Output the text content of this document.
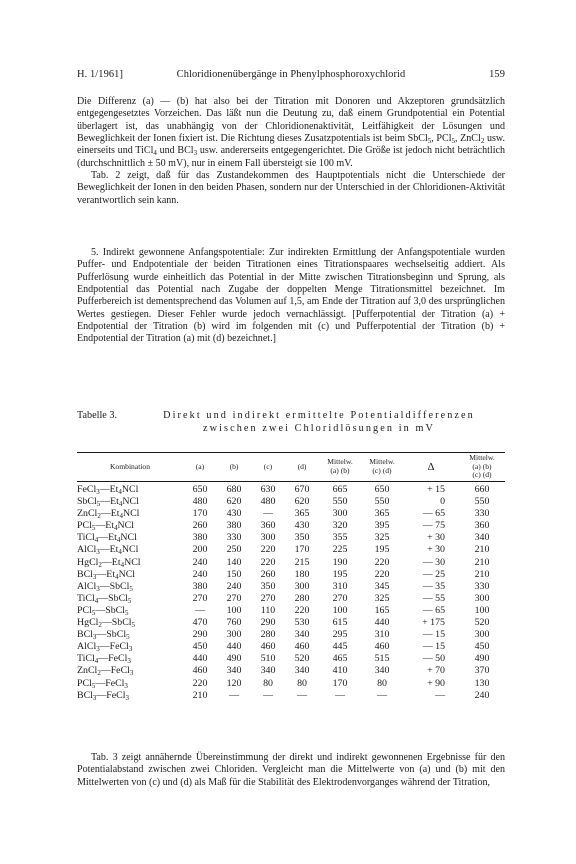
H. 1/1961]	Chloridionenübergänge in Phenylphosphoroxychlorid	159

Die Differenz (a) — (b) hat also bei der Titration mit Donoren und Akzeptoren grundsätzlich entgegengesetztes Vorzeichen. Das läßt nun die Deutung zu, daß einem Grundpotential ein Potential überlagert ist, das unabhängig von der Chloridionenaktivität, Leitfähigkeit der Lösungen und Beweglichkeit der Ionen fixiert ist. Die Richtung dieses Zusatzpotentials ist beim SbCl$_5$, PCl$_5$, ZnCl$_2$ usw. einerseits und TiCl$_4$ und BCl$_3$ usw. andererseits entgegengerichtet. Die Größe ist jedoch nicht beträchtlich (durchschnittlich ± 50 mV), nur in einem Fall übersteigt sie 100 mV.

Tab. 2 zeigt, daß für das Zustandekommen des Hauptpotentials nicht die Unterschiede der Beweglichkeit der Ionen in den beiden Phasen, sondern nur der Unterschied in der Chloridionen-Aktivität verantwortlich sein kann.

5. Indirekt gewonnene Anfangspotentiale: Zur indirekten Ermittlung der Anfangspotentiale wurden Puffer- und Endpotentiale der beiden Titrationen eines Titrationspaares wechselseitig addiert. Als Pufferlösung wurde einheitlich das Potential in der Mitte zwischen Titrationsbeginn und Sprung, als Endpotential das Potential nach Zugabe der doppelten Menge Titrationsmittel bezeichnet. Im Pufferbereich ist dementsprechend das Volumen auf 1,5, am Ende der Titration auf 3,0 des ursprünglichen Wertes gestiegen. Dieser Fehler wurde jedoch vernachlässigt. [Pufferpotential der Titration (a) + Endpotential der Titration (b) wird im folgenden mit (c) und Pufferpotential der Titration (b) + Endpotential der Titration (a) mit (d) bezeichnet.]

Tabelle 3.	Direkt und indirekt ermittelte Potentialdifferenzen
zwischen zwei Chloridlösungen in mV
Kombination	(a)	(b)	(c)	(d)	Mittelw.
(a) (b)	Mittelw.
(c) (d)	Δ	Mittelw.
(a) (b)
(c) (d)
$FeCl_3—Et_4NCl$	650	680	630	670	665	650	+ 15	660
$SbCl_5—Et_4NCl$	480	620	480	620	550	550	0	550
$ZnCl_2—Et_4NCl$	170	430	—	365	300	365	— 65	330
$PCl_5—Et_4NCl$	260	380	360	430	320	395	— 75	360
$TiCl_4—Et_4NCl$	380	330	300	350	355	325	+ 30	340
$AlCl_3—Et_4NCl$	200	250	220	170	225	195	+ 30	210
$HgCl_2—Et_4NCl$	240	140	220	215	190	220	— 30	210
$BCl_3—Et_4NCl$	240	150	260	180	195	220	— 25	210
AlCl$_3$—SbCl$_5$	380	240	350	300	310	345	— 35	330
TiCl$_4$—SbCl$_5$	270	270	270	280	270	325	— 55	300
PCl$_5$—SbCl$_5$	—	100	110	220	100	165	— 65	100
HgCl$_2$—SbCl$_5$	470	760	290	530	615	440	+ 175	520
BCl$_3$—SbCl$_5$	290	300	280	340	295	310	— 15	300
AlCl$_3$—FeCl$_3$	450	440	460	460	445	460	— 15	450
TiCl$_4$—FeCl$_3$	440	490	510	520	465	515	— 50	490
ZnCl$_2$—FeCl$_3$	460	340	340	340	410	340	+ 70	370
PCl$_5$—FeCl$_3$	220	120	80	80	170	80	+ 90	130
BCl$_3$—FeCl$_3$	210	—	—	—	—	—	—	240

Tab. 3 zeigt annähernde Übereinstimmung der direkt und indirekt gewonnenen Ergebnisse für den Potentialabstand zwischen zwei Chloriden. Vergleicht man die Mittelwerte von (a) und (b) mit den Mittelwerten von (c) und (d) als Maß für die Stabilität des Elektrodenvorganges während der Titration,
